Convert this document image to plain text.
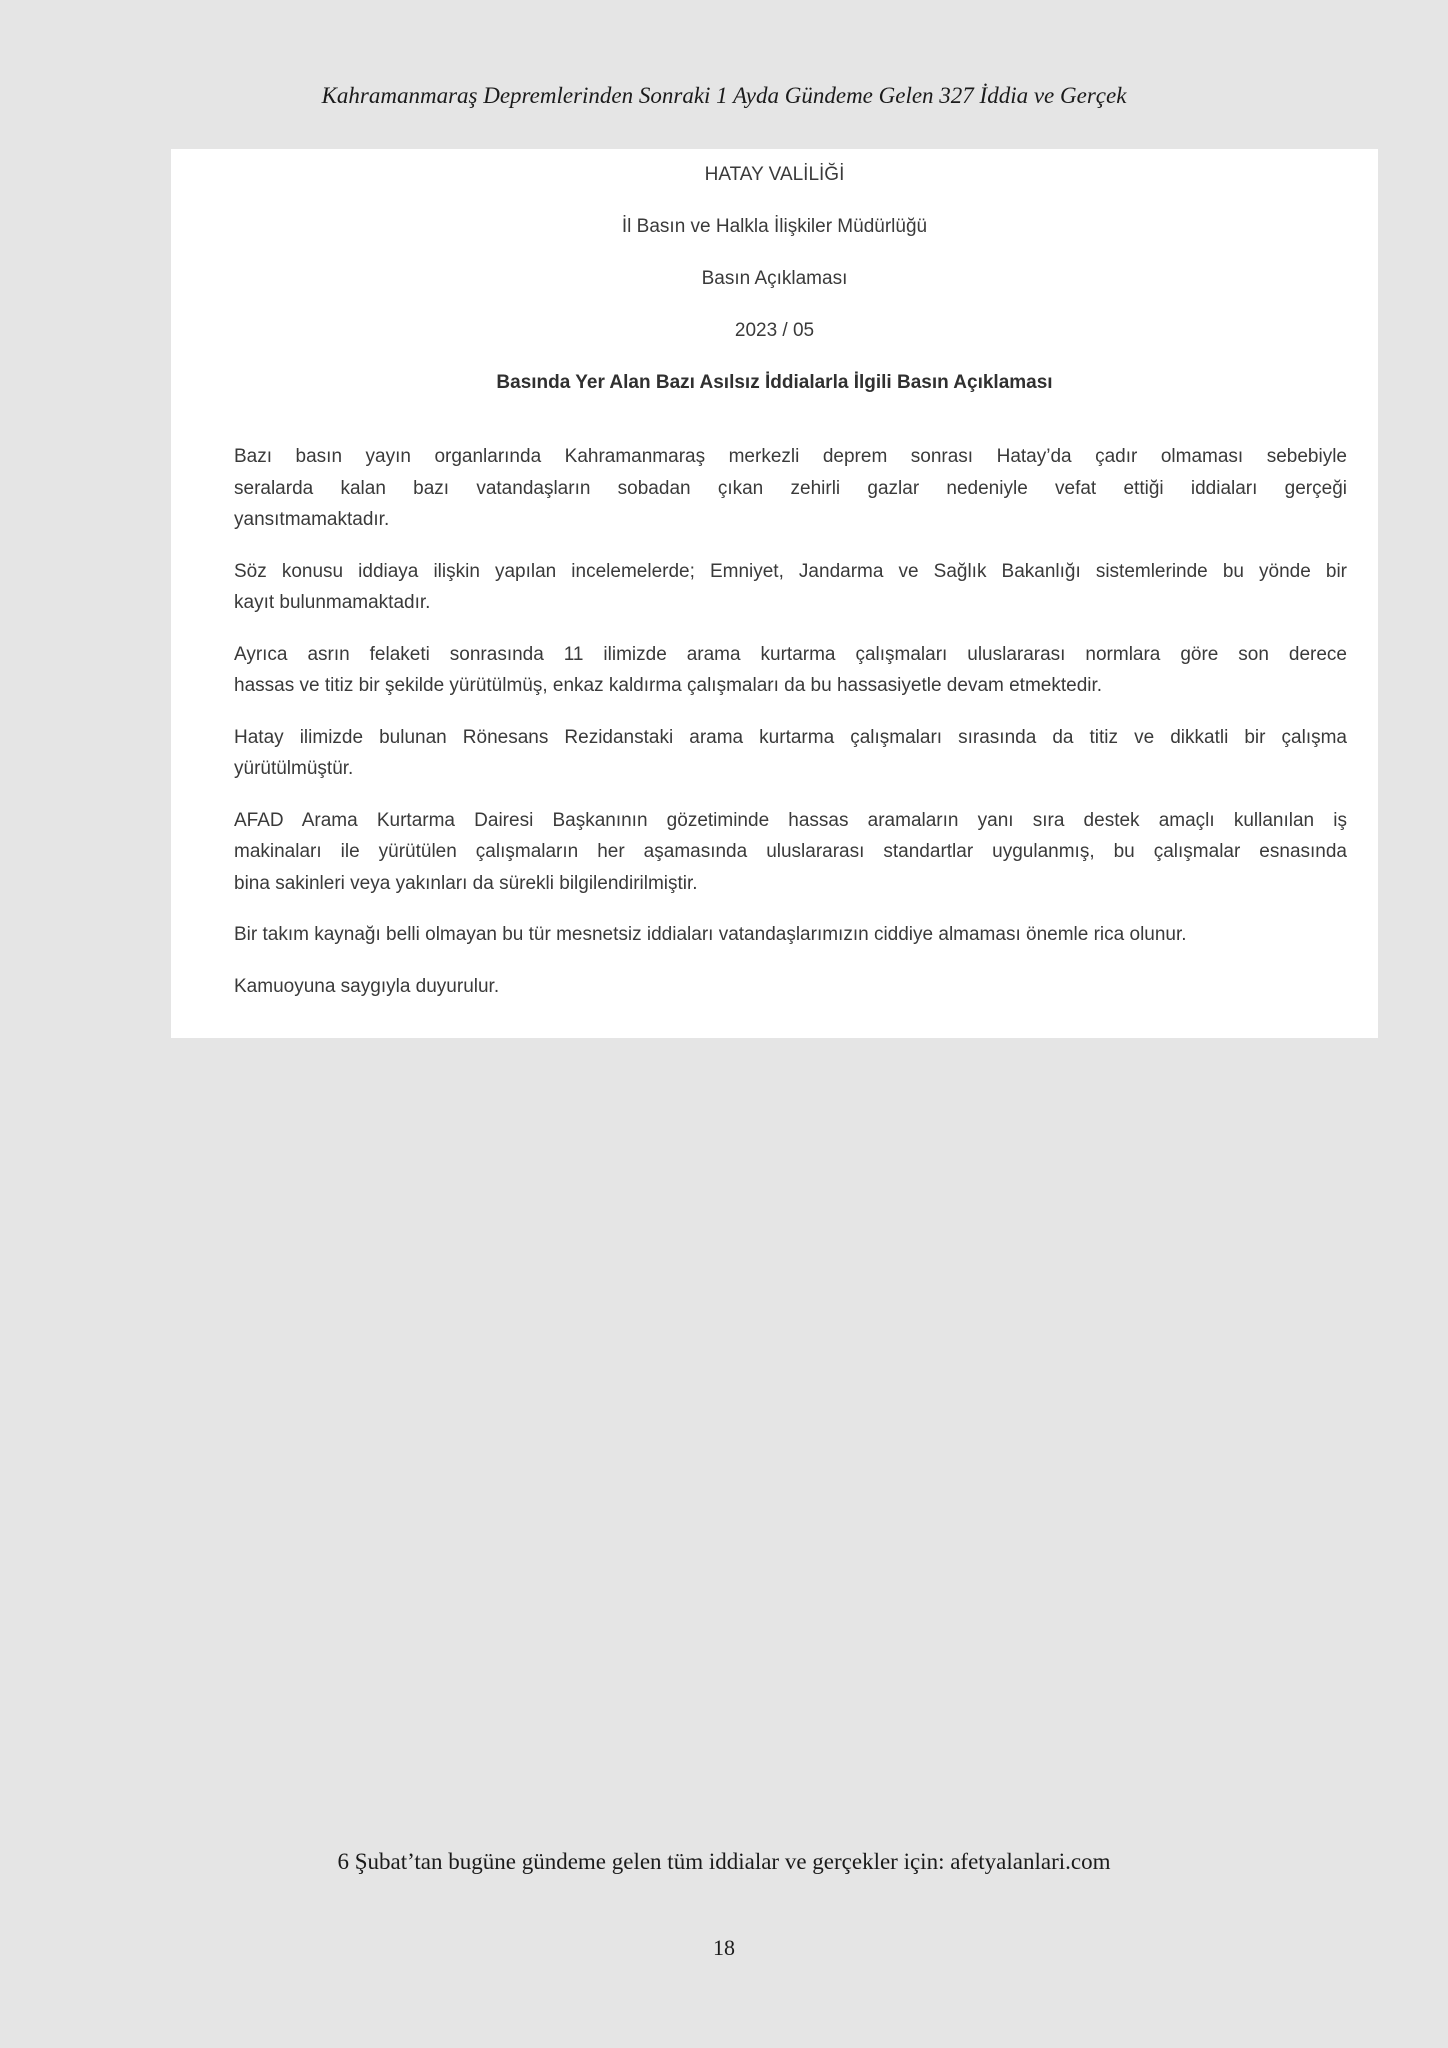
Kahramanmaraş Depremlerinden Sonraki 1 Ayda Gündeme Gelen 327 İddia ve Gerçek
HATAY VALİLİĞİ
İl Basın ve Halkla İlişkiler Müdürlüğü
Basın Açıklaması
2023 / 05
Basında Yer Alan Bazı Asılsız İddialarla İlgili Basın Açıklaması
Bazı basın yayın organlarında Kahramanmaraş merkezli deprem sonrası Hatay’da çadır olmaması sebebiyle
seralarda kalan bazı vatandaşların sobadan çıkan zehirli gazlar nedeniyle vefat ettiği iddiaları gerçeği
yansıtmamaktadır.
Söz konusu iddiaya ilişkin yapılan incelemelerde; Emniyet, Jandarma ve Sağlık Bakanlığı sistemlerinde bu yönde bir
kayıt bulunmamaktadır.
Ayrıca asrın felaketi sonrasında 11 ilimizde arama kurtarma çalışmaları uluslararası normlara göre son derece
hassas ve titiz bir şekilde yürütülmüş, enkaz kaldırma çalışmaları da bu hassasiyetle devam etmektedir.
Hatay ilimizde bulunan Rönesans Rezidanstaki arama kurtarma çalışmaları sırasında da titiz ve dikkatli bir çalışma
yürütülmüştür.
AFAD Arama Kurtarma Dairesi Başkanının gözetiminde hassas aramaların yanı sıra destek amaçlı kullanılan iş
makinaları ile yürütülen çalışmaların her aşamasında uluslararası standartlar uygulanmış, bu çalışmalar esnasında
bina sakinleri veya yakınları da sürekli bilgilendirilmiştir.
Bir takım kaynağı belli olmayan bu tür mesnetsiz iddiaları vatandaşlarımızın ciddiye almaması önemle rica olunur.
Kamuoyuna saygıyla duyurulur.
6 Şubat’tan bugüne gündeme gelen tüm iddialar ve gerçekler için: afetyalanlari.com
18
